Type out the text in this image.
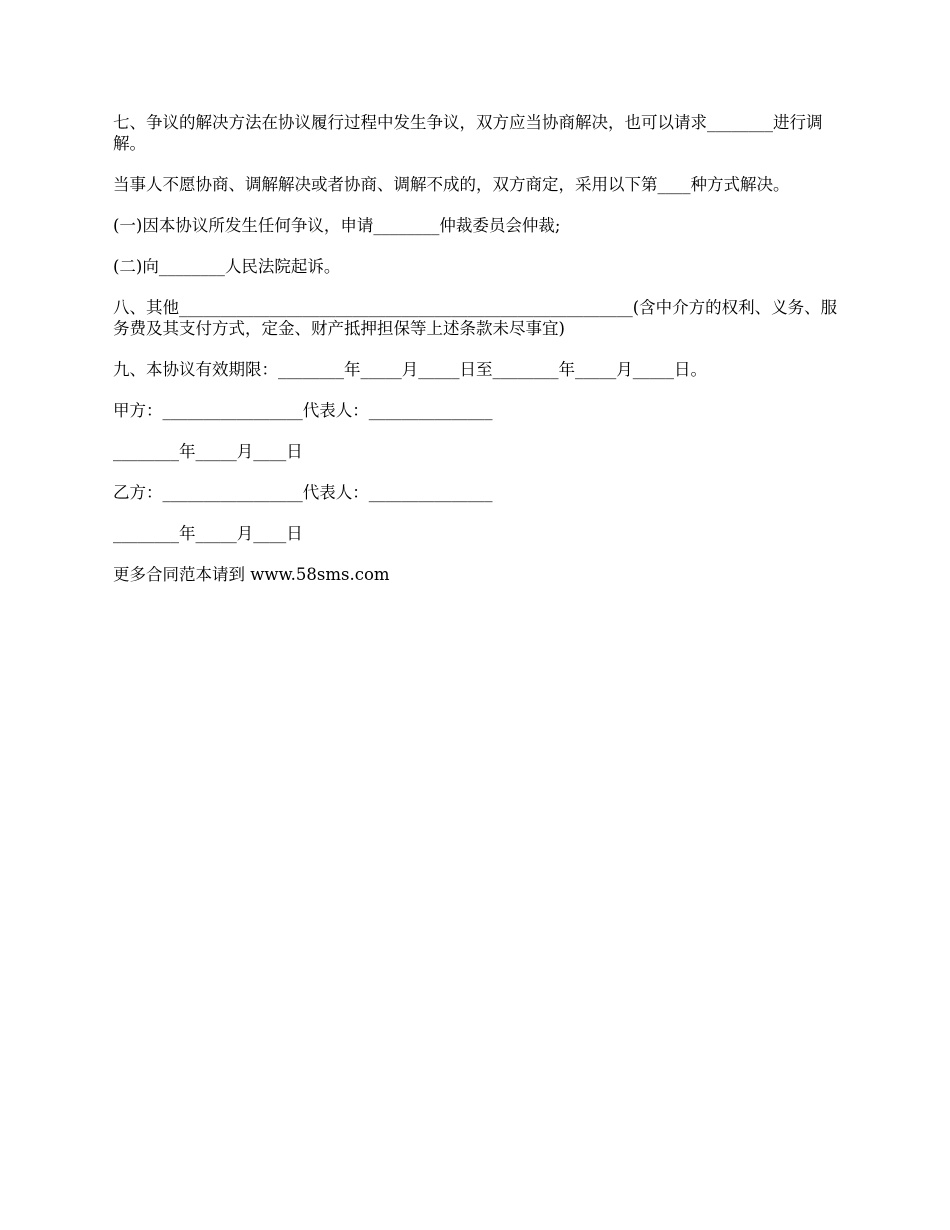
七、争议的解决方法在协议履行过程中发生争议，双方应当协商解决，也可以请求________进行调解。

当事人不愿协商、调解解决或者协商、调解不成的，双方商定，采用以下第____种方式解决。

(一)因本协议所发生任何争议，申请________仲裁委员会仲裁;

(二)向________人民法院起诉。

八、其他_______________________________________________________(含中介方的权利、义务、服务费及其支付方式，定金、财产抵押担保等上述条款未尽事宜)

九、本协议有效期限：________年_____月_____日至________年_____月_____日。

甲方：_________________代表人：_______________

________年_____月____日

乙方：_________________代表人：_______________

________年_____月____日

更多合同范本请到 www.58sms.com
